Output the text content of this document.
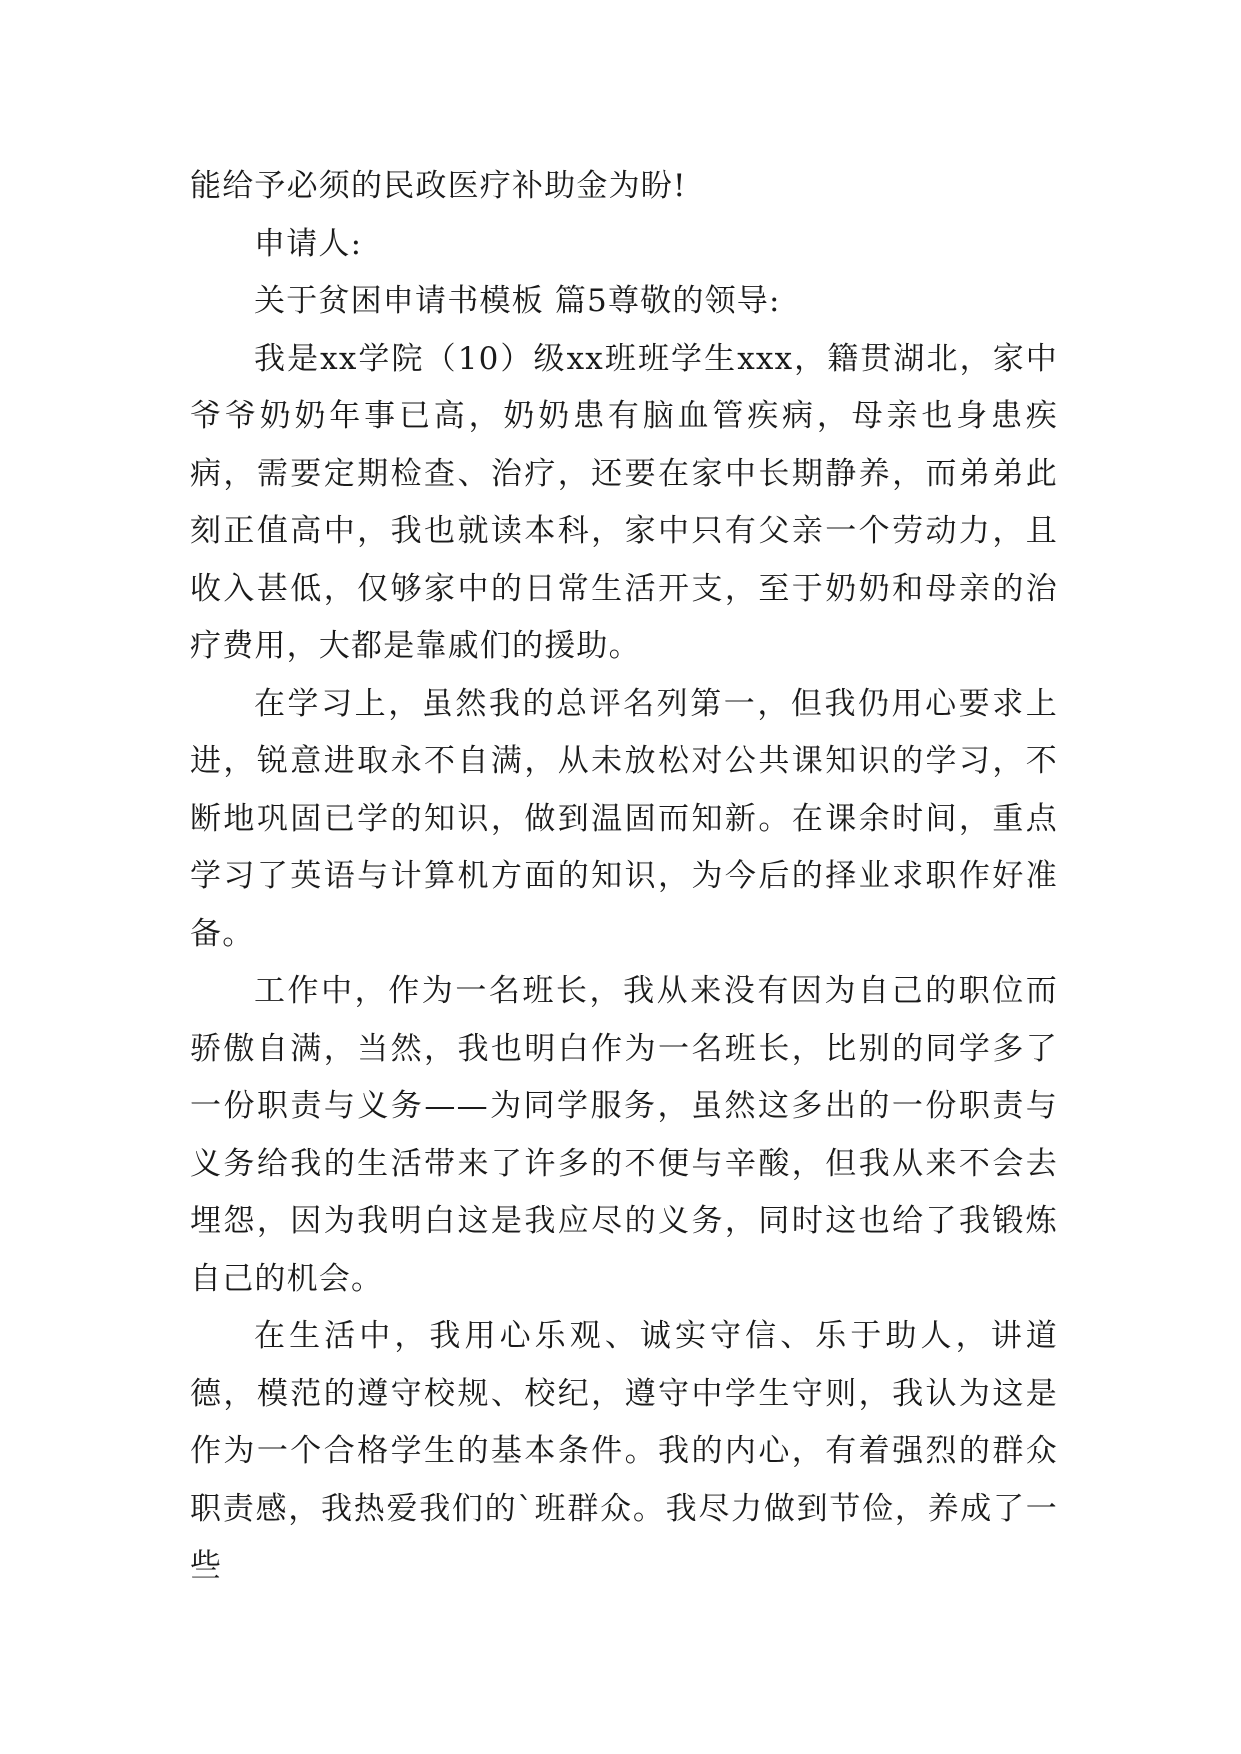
能给予必须的民政医疗补助金为盼!

申请人:

关于贫困申请书模板 篇5尊敬的领导:

我是xx学院（10）级xx班班学生xxx，籍贯湖北，家中爷爷奶奶年事已高，奶奶患有脑血管疾病，母亲也身患疾病，需要定期检查、治疗，还要在家中长期静养，而弟弟此刻正值高中，我也就读本科，家中只有父亲一个劳动力，且收入甚低，仅够家中的日常生活开支，至于奶奶和母亲的治疗费用，大都是靠戚们的援助。

在学习上，虽然我的总评名列第一，但我仍用心要求上进，锐意进取永不自满，从未放松对公共课知识的学习，不断地巩固已学的知识，做到温固而知新。在课余时间，重点学习了英语与计算机方面的知识，为今后的择业求职作好准备。

工作中，作为一名班长，我从来没有因为自己的职位而骄傲自满，当然，我也明白作为一名班长，比别的同学多了一份职责与义务——为同学服务，虽然这多出的一份职责与义务给我的生活带来了许多的不便与辛酸，但我从来不会去埋怨，因为我明白这是我应尽的义务，同时这也给了我锻炼自己的机会。

在生活中，我用心乐观、诚实守信、乐于助人，讲道德，模范的遵守校规、校纪，遵守中学生守则，我认为这是作为一个合格学生的基本条件。我的内心，有着强烈的群众职责感，我热爱我们的`班群众。我尽力做到节俭，养成了一些
